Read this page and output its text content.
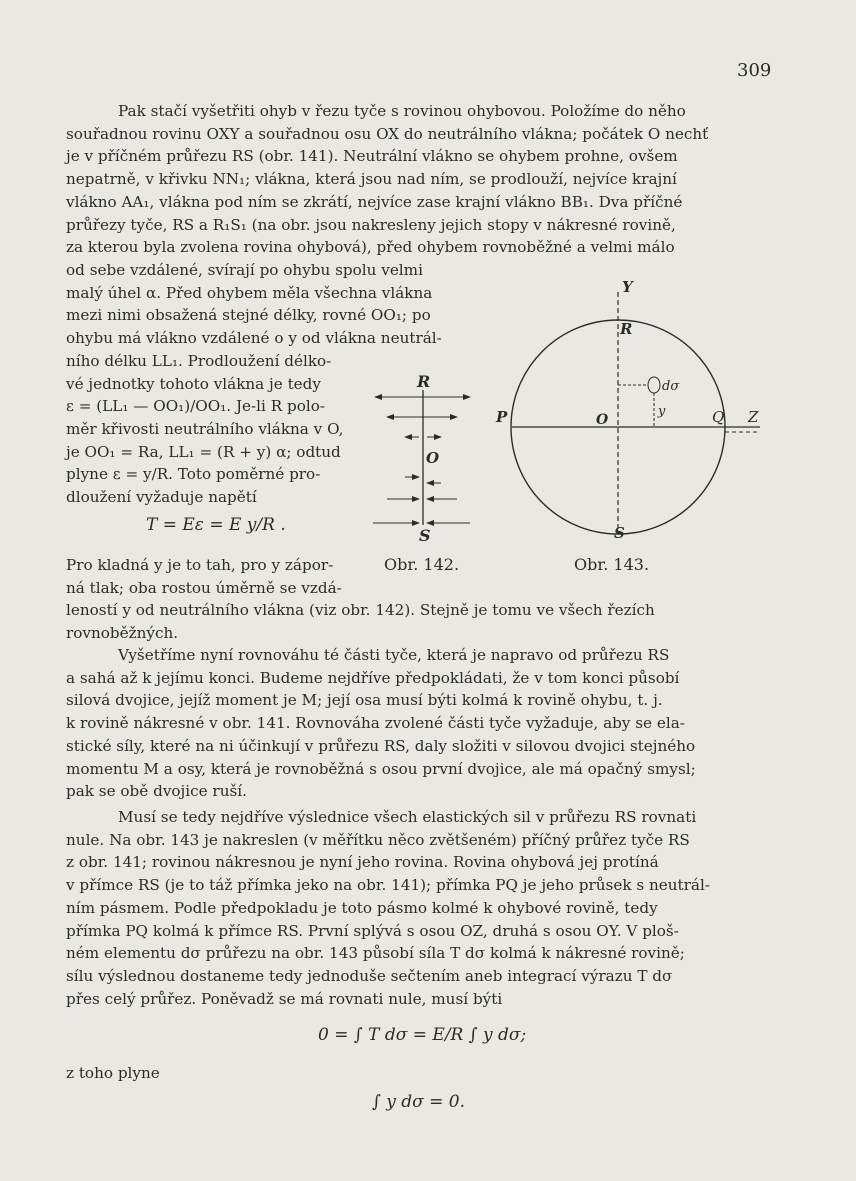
309
Pak stačí vyšetřiti ohyb v řezu tyče s rovinou ohybovou. Položíme do něho
souřadnou rovinu OXY a souřadnou osu OX do neutrálního vlákna; počátek O nechť
je v příčném průřezu RS (obr. 141). Neutrální vlákno se ohybem prohne, ovšem
nepatrně, v křivku NN₁; vlákna, která jsou nad ním, se prodlouží, nejvíce krajní
vlákno AA₁, vlákna pod ním se zkrátí, nejvíce zase krajní vlákno BB₁. Dva příčné
průřezy tyče, RS a R₁S₁ (na obr. jsou nakresleny jejich stopy v nákresné rovině,
za kterou byla zvolena rovina ohybová), před ohybem rovnoběžné a velmi málo
od sebe vzdálené, svírají po ohybu spolu velmi
malý úhel α. Před ohybem měla všechna vlákna
mezi nimi obsažená stejné délky, rovné OO₁; po
ohybu má vlákno vzdálené o y od vlákna neutrál-
ního délku LL₁. Prodloužení délko-
vé jednotky tohoto vlákna je tedy
ε = (LL₁ — OO₁)/OO₁. Je-li R polo-
měr křivosti neutrálního vlákna v O,
je OO₁ = Ra, LL₁ = (R + y) α; odtud
plyne ε = y/R. Toto poměrné pro-
dloužení vyžaduje napětí
T = Eε = E y/R .
Pro kladná y je to tah, pro y zápor-
ná tlak; oba rostou úměrně se vzdá-
leností y od neutrálního vlákna (viz obr. 142). Stejně je tomu ve všech řezích
rovnoběžných.
Vyšetříme nyní rovnováhu té části tyče, která je napravo od průřezu RS
a sahá až k jejímu konci. Budeme nejdříve předpokládati, že v tom konci působí
silová dvojice, jejíž moment je M; její osa musí býti kolmá k rovině ohybu, t. j.
k rovině nákresné v obr. 141. Rovnováha zvolené části tyče vyžaduje, aby se ela-
stické síly, které na ni účinkují v průřezu RS, daly složiti v silovou dvojici stejného
momentu M a osy, která je rovnoběžná s osou první dvojice, ale má opačný smysl;
pak se obě dvojice ruší.
Musí se tedy nejdříve výslednice všech elastických sil v průřezu RS rovnati
nule. Na obr. 143 je nakreslen (v měřítku něco zvětšeném) příčný průřez tyče RS
z obr. 141; rovinou nákresnou je nyní jeho rovina. Rovina ohybová jej protíná
v přímce RS (je to táž přímka jeko na obr. 141); přímka PQ je jeho průsek s neutrál-
ním pásmem. Podle předpokladu je toto pásmo kolmé k ohybové rovině, tedy
přímka PQ kolmá k přímce RS. První splývá s osou OZ, druhá s osou OY. V ploš-
ném elementu dσ průřezu na obr. 143 působí síla T dσ kolmá k nákresné rovině;
sílu výslednou dostaneme tedy jednoduše sečtením aneb integrací výrazu T dσ
přes celý průřez. Poněvadž se má rovnati nule, musí býti
0 = ∫ T dσ = E/R ∫ y dσ;
z toho plyne
∫ y dσ = 0.
R
O
S
Obr. 142.
Y
R
P	O	Q Z
S
dσ
y
Obr. 143.
